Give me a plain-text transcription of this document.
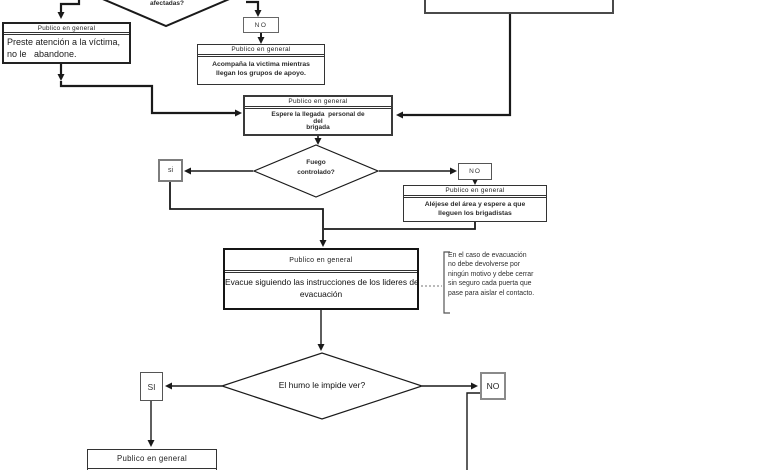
afectadas?
Publico en general
Preste atención a la víctima,
no le   abandone.
NO
Publico en general
Acompaña la victima mientras
llegan los grupos de apoyo.
Publico en general
Espere la llegada  personal de
del
brigada
Fuego
controlado?
si	NO
Publico en general
Aléjese del área y espere a que
lleguen los brigadistas
Publico en general
Evacue siguiendo las instrucciones de los lideres de
evacuación
En el caso de evacuación
no debe devolverse por
ningún motivo y debe cerrar
sin seguro cada puerta que
pase para aislar el contacto.
El humo le impide ver?
SI	NO
Publico en general
